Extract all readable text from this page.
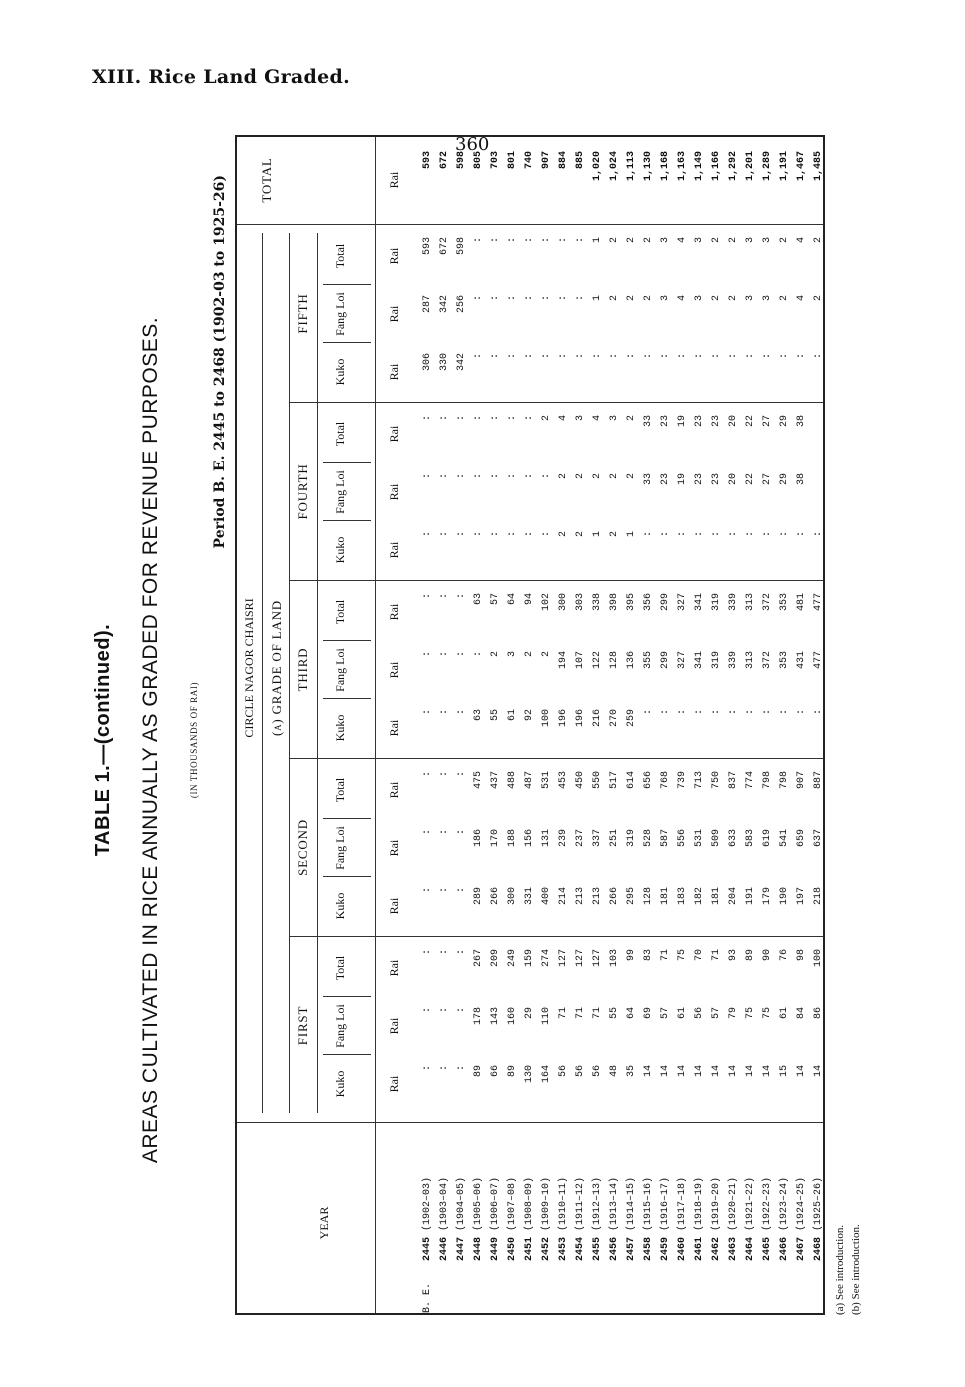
XIII. Rice Land Graded.
360
TABLE 1.—(continued). AREAS CULTIVATED IN RICE ANNUALLY AS GRADED FOR REVENUE PURPOSES.	(IN THOUSANDS OF RAI)
Period B. E. 2445 to 2468 (1902-03 to 1925-26)
YEAR
CIRCLE NAGOR CHAISRI (a) GRADE OF LAND
TOTAL
FIRST
SECOND
THIRD
FOURTH
FIFTH
Kuko
Fang Loi
Total
Kuko
Fang Loi
Total
Kuko
Fang Loi
Total
Kuko
Fang Loi
Total
Kuko
Fang Loi
Total
Rai
Rai
Rai
Rai
Rai
Rai
Rai
Rai
Rai
Rai
Rai
Rai
Rai
Rai
Rai
Rai
B. E.
2445
(1902–03)
2446
(1903–04)
2447
(1904–05)
2448
(1905–06)
2449
(1906–07)
2450
(1907–08)
2451
(1908–09)
2452
(1909–10)
2453
(1910–11)
2454
(1911–12)
2455
(1912–13)
2456
(1913–14)
2457
(1914–15)
2458
(1915–16)
2459
(1916–17)
2460
(1917–18)
2461
(1918–19)
2462
(1919–20)
2463
(1920–21)
2464
(1921–22)
2465
(1922–23)
2466
(1923–24)
2467
(1924–25)
2468
(1925–26)
: : : 89 66 89 130 164 56 56 56 48 35 14 14 14 14 14 14 14 14 15 14 14
: : : 178 143 160 29 110 71 71 71 55 64 69 57 61 56 57 79 75 75 61 84 86
: : : 267 209 249 159 274 127 127 127 103 99 83 71 75 70 71 93 89 90 76 98 100
: : : 289 266 300 331 400 214 213 213 266 295 128 181 183 182 181 204 191 179 190 197 218
: : : 186 170 188 156 131 239 237 337 251 319 528 587 556 531 509 633 583 619 541 659 637
: : : 475 437 488 487 531 453 450 550 517 614 656 768 739 713 750 837 774 798 798 907 887
: : : 63 55 61 92 100 196 196 216 270 259 : : : : : : : : : : :
: : : : 2 3 2 2 194 107 122 128 136 355 299 327 341 319 339 313 372 353 431 477
: : : 63 57 64 94 102 300 303 338 398 395 356 299 327 341 319 339 313 372 353 481 477
: : : : : : : : 2 2 1 2 1 : : : : : : : : : : :
: : : : : : : : 2 2 2 2 2 33 23 19 23 23 20 22 27 29 38
: : : : : : : 2 4 3 4 3 2 33 23 19 23 23 20 22 27 29 38
306 330 342 : : : : : : : : : : : : : : : : : : : : :
287 342 256 : : : : : : : 1 2 2 2 3 4 3 2 2 3 3 2 4 2
593 672 598 : : : : : : : 1 2 2 2 3 4 3 2 2 3 3 2 4 2
593 672 598 805 703 801 740 907 884 885 1,020 1,024 1,113 1,130 1,168 1,163 1,149 1,166 1,292 1,201 1,289 1,191 1,467 1,485
(a) See introduction. (b) See introduction.
